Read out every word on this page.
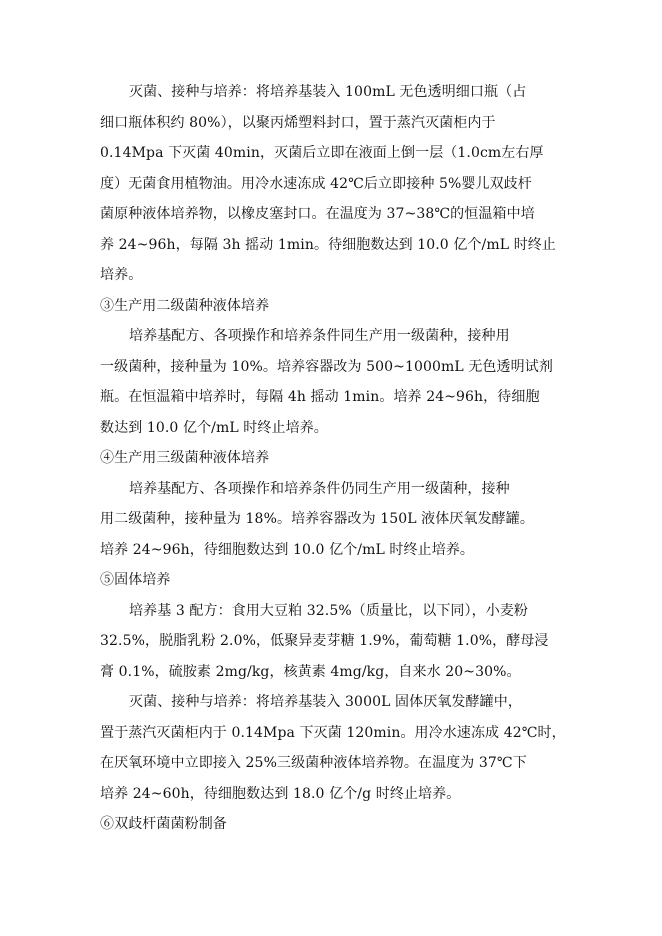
灭菌、接种与培养：将培养基装入 100mL 无色透明细口瓶（占
细口瓶体积约 80%），以聚丙烯塑料封口，置于蒸汽灭菌柜内于
0.14Mpa 下灭菌 40min，灭菌后立即在液面上倒一层（1.0cm左右厚
度）无菌食用植物油。用冷水速冻成 42℃后立即接种 5%婴儿双歧杆
菌原种液体培养物，以橡皮塞封口。在温度为 37~38℃的恒温箱中培
养 24~96h，每隔 3h 摇动 1min。待细胞数达到 10.0 亿个/mL 时终止
培养。
③生产用二级菌种液体培养
培养基配方、各项操作和培养条件同生产用一级菌种，接种用
一级菌种，接种量为 10%。培养容器改为 500~1000mL 无色透明试剂
瓶。在恒温箱中培养时，每隔 4h 摇动 1min。培养 24~96h，待细胞
数达到 10.0 亿个/mL 时终止培养。
④生产用三级菌种液体培养
培养基配方、各项操作和培养条件仍同生产用一级菌种，接种
用二级菌种，接种量为 18%。培养容器改为 150L 液体厌氧发酵罐。
培养 24~96h，待细胞数达到 10.0 亿个/mL 时终止培养。
⑤固体培养
培养基 3 配方：食用大豆粕 32.5%（质量比，以下同），小麦粉
32.5%，脱脂乳粉 2.0%，低聚异麦芽糖 1.9%，葡萄糖 1.0%，酵母浸
膏 0.1%，硫胺素 2mg/kg，核黄素 4mg/kg，自来水 20~30%。
灭菌、接种与培养：将培养基装入 3000L 固体厌氧发酵罐中，
置于蒸汽灭菌柜内于 0.14Mpa 下灭菌 120min。用冷水速冻成 42℃时，
在厌氧环境中立即接入 25%三级菌种液体培养物。在温度为 37℃下
培养 24~60h，待细胞数达到 18.0 亿个/g 时终止培养。
⑥双歧杆菌菌粉制备
